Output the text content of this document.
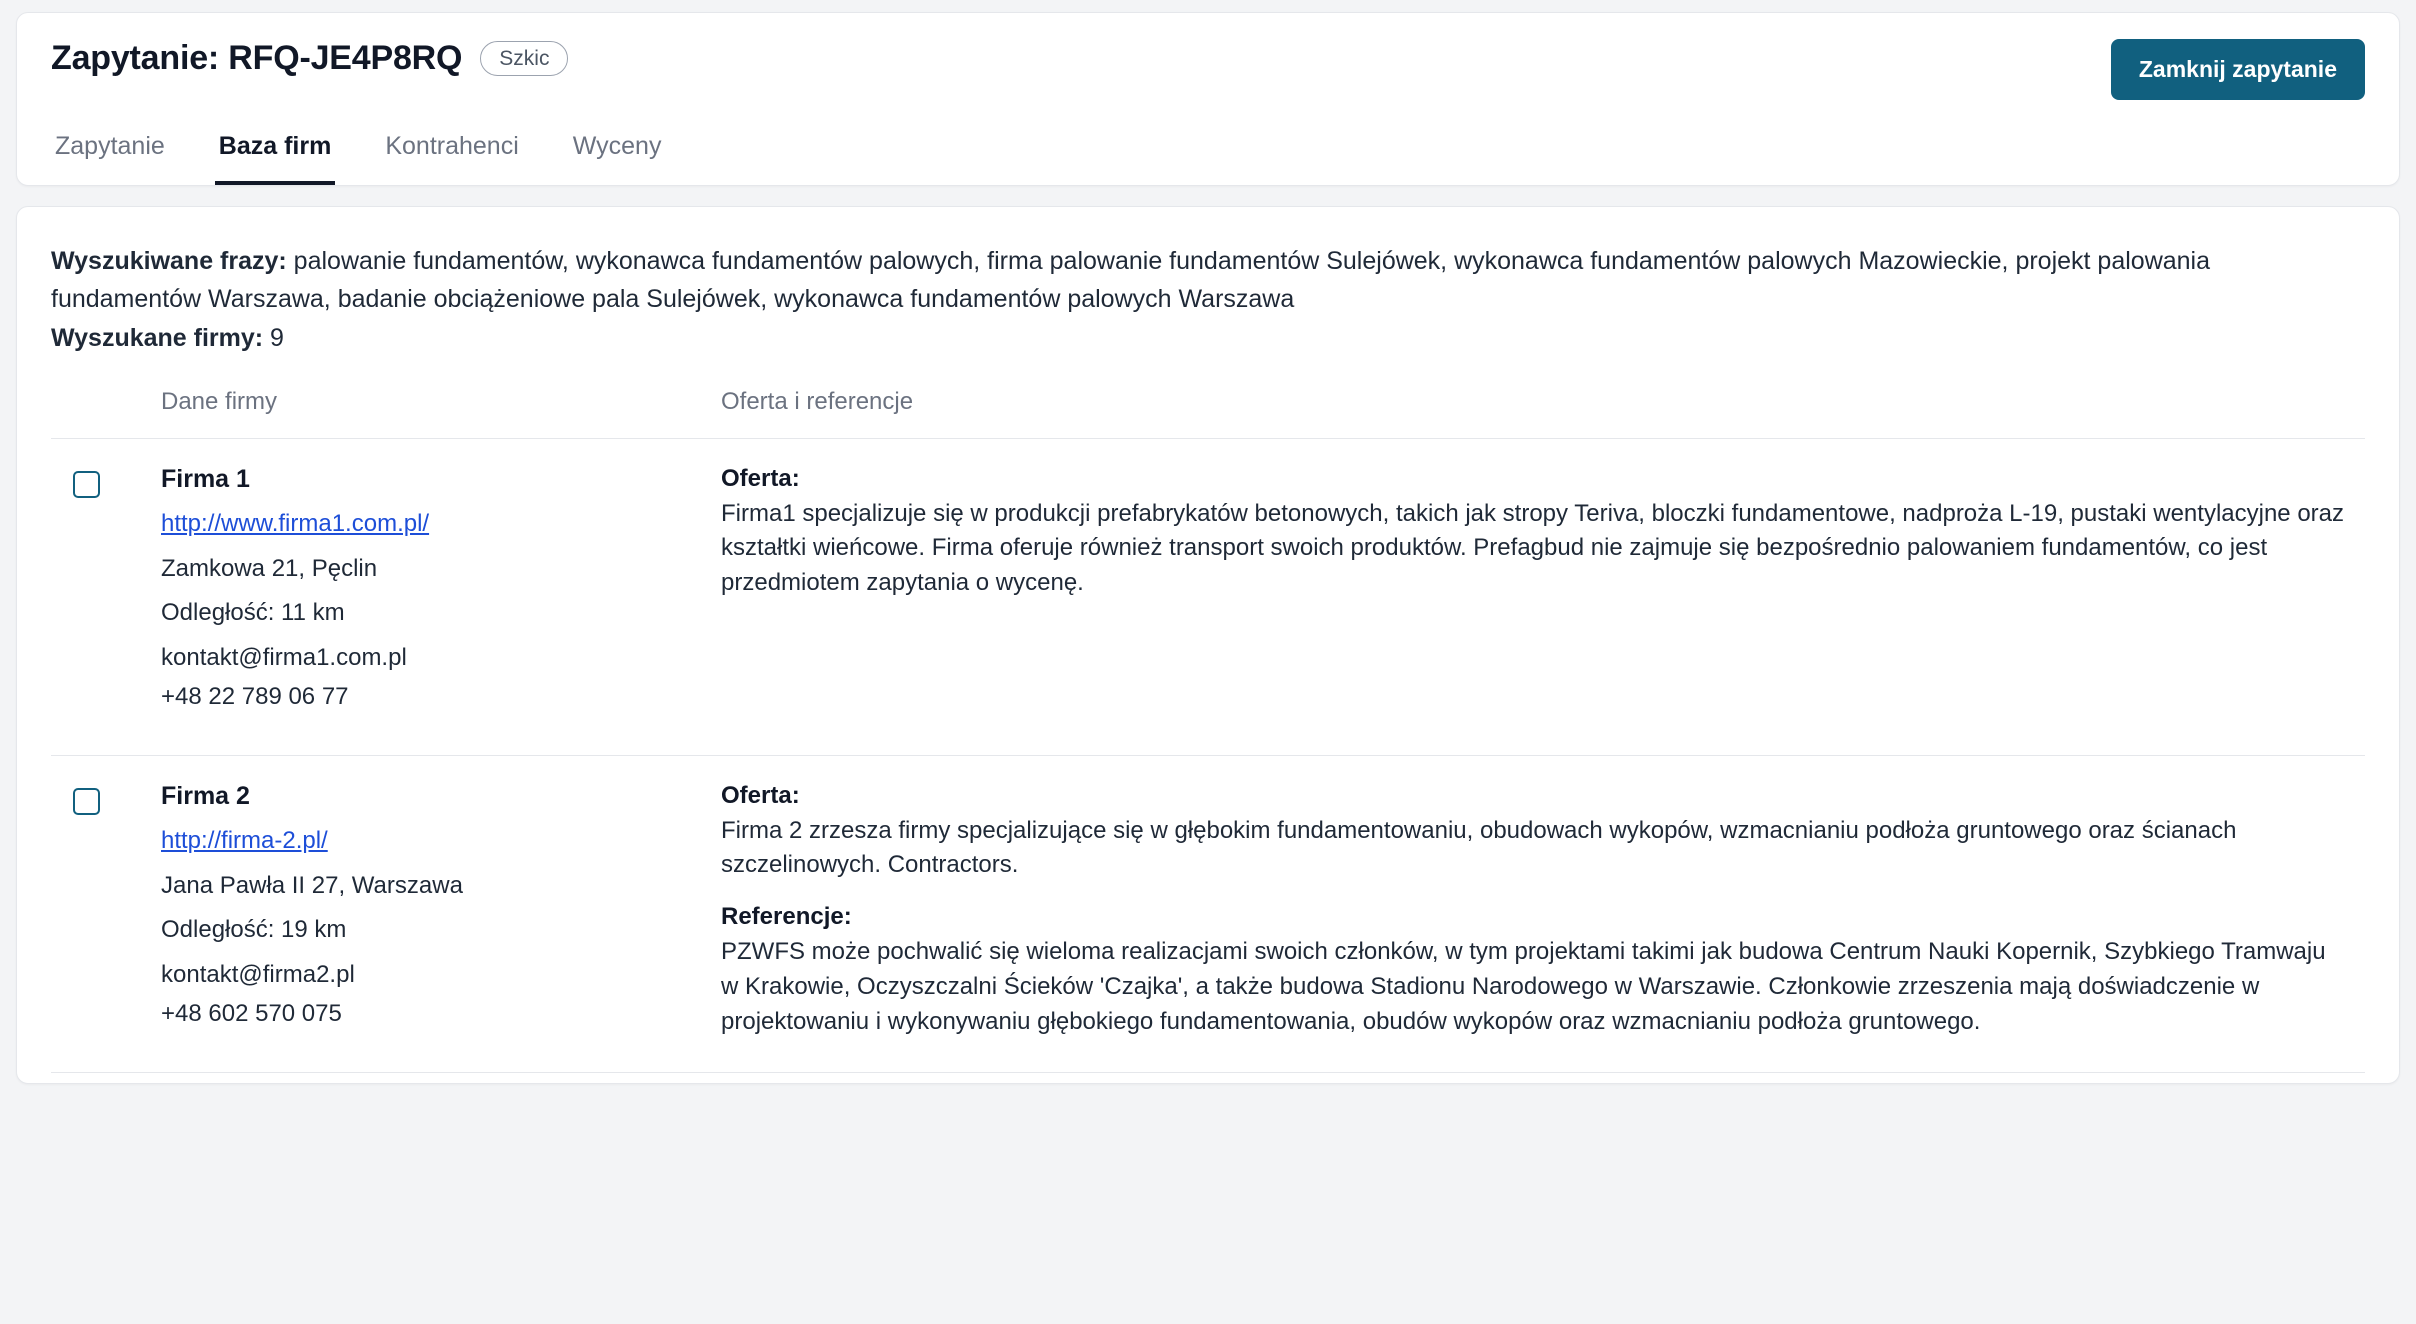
Zapytanie: RFQ-JE4P8RQ	Szkic	Zamknij zapytanie
Zapytanie Baza firm Kontrahenci Wyceny

Wyszukiwane frazy: palowanie fundamentów, wykonawca fundamentów palowych, firma palowanie fundamentów Sulejówek, wykonawca fundamentów palowych Mazowieckie, projekt palowania fundamentów Warszawa, badanie obciążeniowe pala Sulejówek, wykonawca fundamentów palowych Warszawa

Wyszukane firmy: 9

	Dane firmy	Oferta i referencje

Firma 1
http://www.firma1.com.pl/
Zamkowa 21, Pęclin
Odległość: 11 km
kontakt@firma1.com.pl
+48 22 789 06 77

Oferta:
Firma1 specjalizuje się w produkcji prefabrykatów betonowych, takich jak stropy Teriva, bloczki fundamentowe, nadproża L-19, pustaki wentylacyjne oraz kształtki wieńcowe. Firma oferuje również transport swoich produktów. Prefagbud nie zajmuje się bezpośrednio palowaniem fundamentów, co jest przedmiotem zapytania o wycenę.

Firma 2
http://firma-2.pl/
Jana Pawła II 27, Warszawa
Odległość: 19 km
kontakt@firma2.pl
+48 602 570 075

Oferta:
Firma 2 zrzesza firmy specjalizujące się w głębokim fundamentowaniu, obudowach wykopów, wzmacnianiu podłoża gruntowego oraz ścianach szczelinowych. Contractors.
Referencje:
PZWFS może pochwalić się wieloma realizacjami swoich członków, w tym projektami takimi jak budowa Centrum Nauki Kopernik, Szybkiego Tramwaju w Krakowie, Oczyszczalni Ścieków 'Czajka', a także budowa Stadionu Narodowego w Warszawie. Członkowie zrzeszenia mają doświadczenie w projektowaniu i wykonywaniu głębokiego fundamentowania, obudów wykopów oraz wzmacnianiu podłoża gruntowego.
